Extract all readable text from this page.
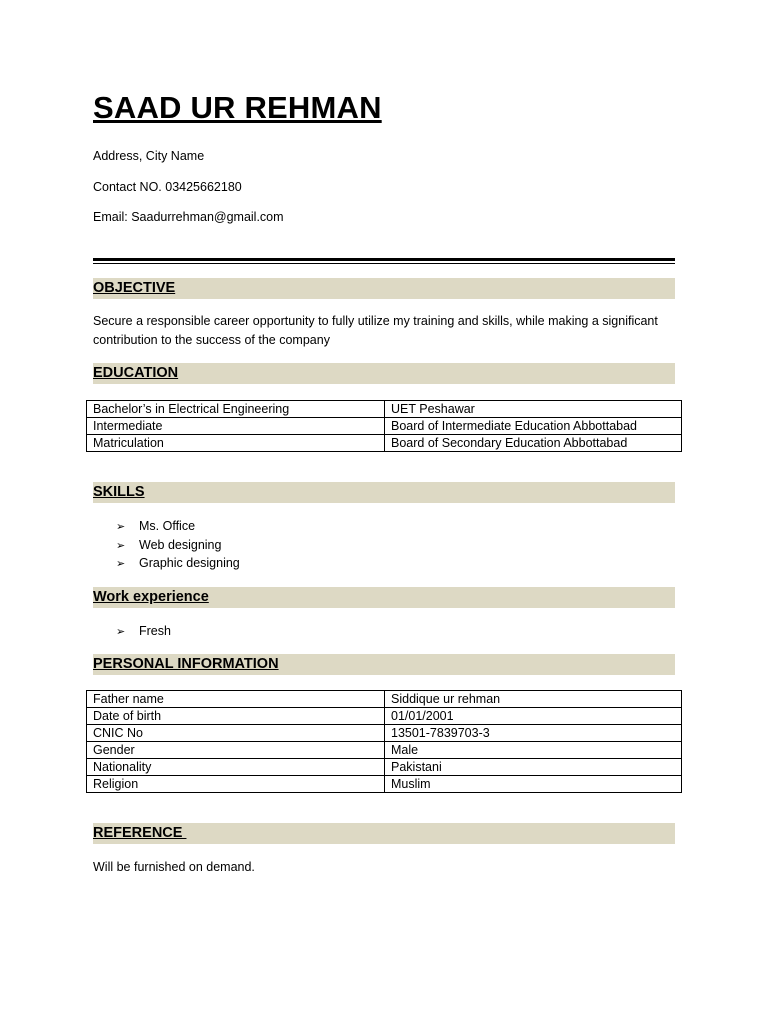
SAAD UR REHMAN
Address, City Name
Contact NO. 03425662180
Email: Saadurrehman@gmail.com
OBJECTIVE
Secure a responsible career opportunity to fully utilize my training and skills, while making a significant contribution to the success of the company
EDUCATION
Bachelor’s in Electrical Engineering	UET Peshawar
Intermediate	Board of Intermediate Education Abbottabad
Matriculation	Board of Secondary Education Abbottabad
SKILLS
➢ Ms. Office
➢ Web designing
➢ Graphic designing
Work experience
➢ Fresh
PERSONAL INFORMATION
Father name	Siddique ur rehman
Date of birth	01/01/2001
CNIC No	13501-7839703-3
Gender	Male
Nationality	Pakistani
Religion	Muslim
REFERENCE
Will be furnished on demand.
